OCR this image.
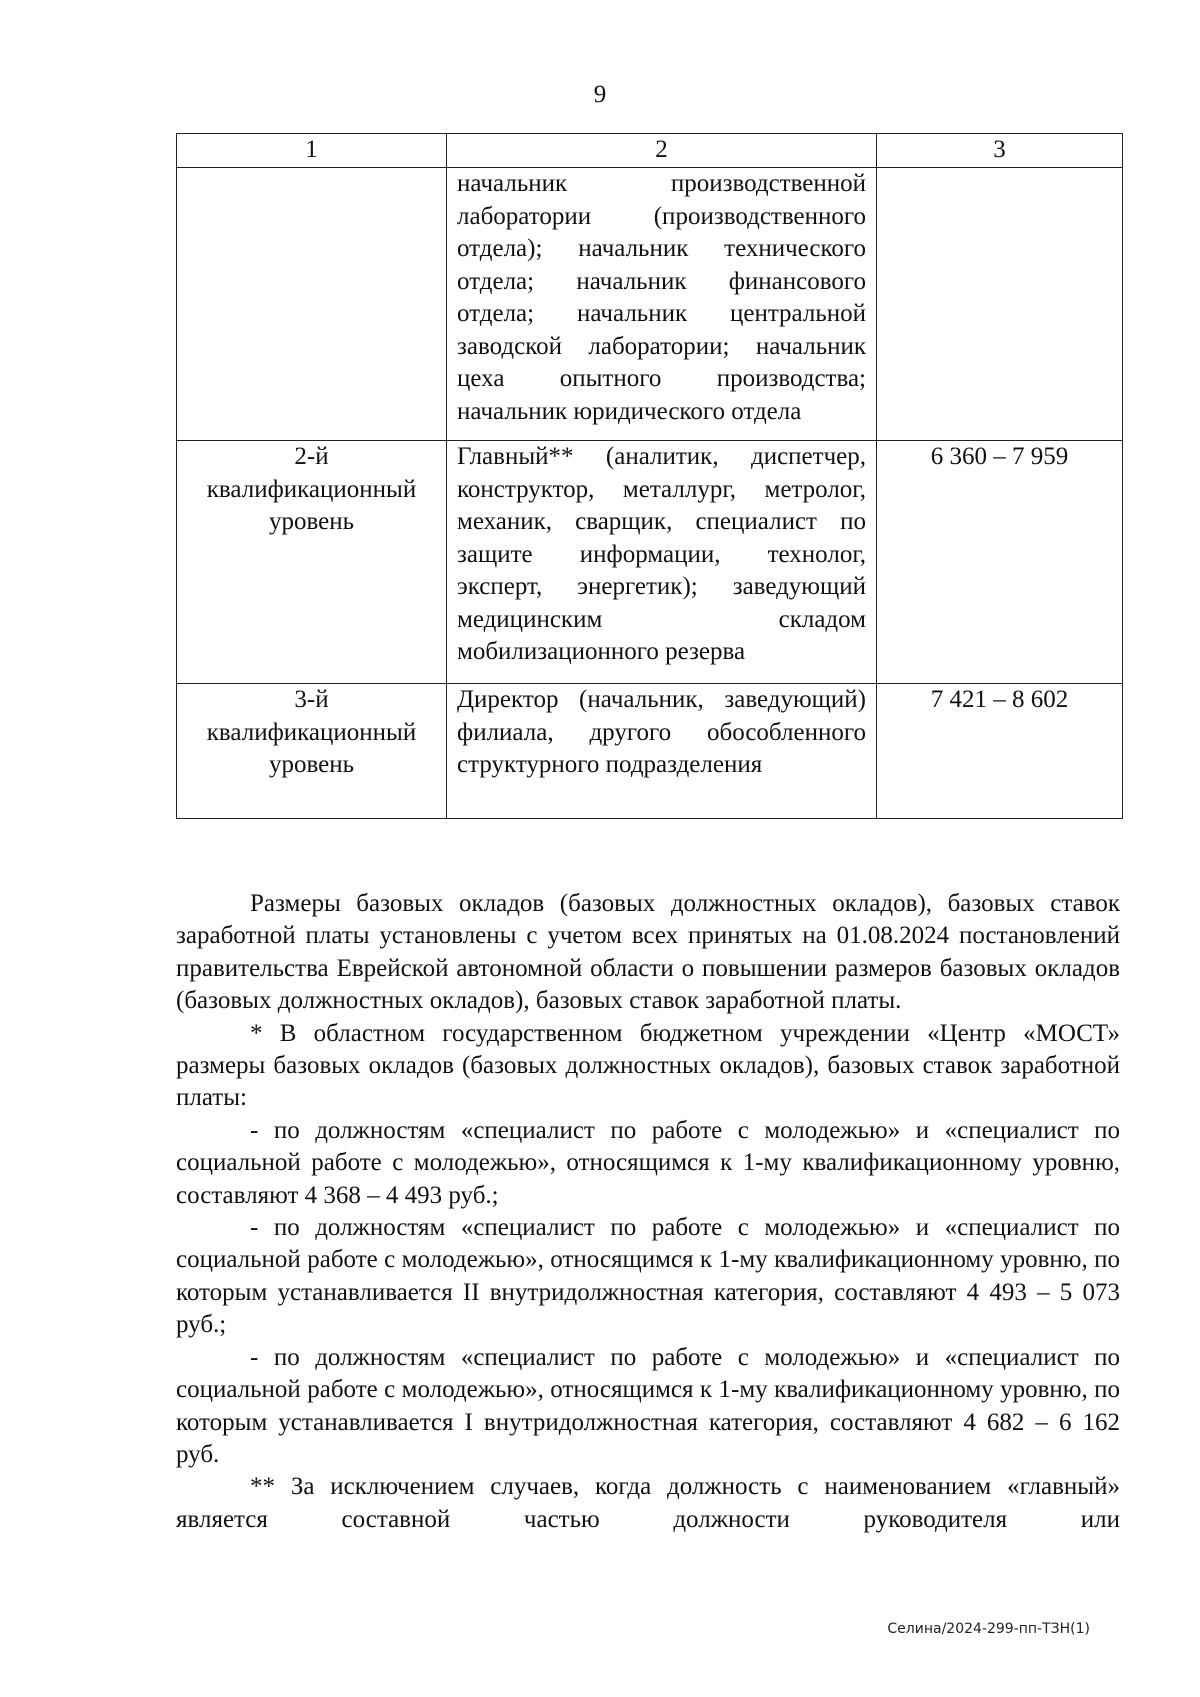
9
1	2	3
	начальник производственной лаборатории (производственного отдела); начальник технического отдела; начальник финансового отдела; начальник центральной заводской лаборатории; начальник цеха опытного производства; начальник юридического отдела	
2-й квалификационный уровень	Главный** (аналитик, диспетчер, конструктор, металлург, метролог, механик, сварщик, специалист по защите информации, технолог, эксперт, энергетик); заведующий медицинским складом мобилизационного резерва	6 360 – 7 959
3-й квалификационный уровень	Директор (начальник, заведующий) филиала, другого обособленного структурного подразделения	7 421 – 8 602

Размеры базовых окладов (базовых должностных окладов), базовых ставок заработной платы установлены с учетом всех принятых на 01.08.2024 постановлений правительства Еврейской автономной области о повышении размеров базовых окладов (базовых должностных окладов), базовых ставок заработной платы.

* В областном государственном бюджетном учреждении «Центр «МОСТ» размеры базовых окладов (базовых должностных окладов), базовых ставок заработной платы:

- по должностям «специалист по работе с молодежью» и «специалист по социальной работе с молодежью», относящимся к 1-му квалификационному уровню, составляют 4 368 – 4 493 руб.;

- по должностям «специалист по работе с молодежью» и «специалист по социальной работе с молодежью», относящимся к 1-му квалификационному уровню, по которым устанавливается II внутридолжностная категория, составляют 4 493 – 5 073 руб.;

- по должностям «специалист по работе с молодежью» и «специалист по социальной работе с молодежью», относящимся к 1-му квалификационному уровню, по которым устанавливается I внутридолжностная категория, составляют 4 682 – 6 162 руб.

** За исключением случаев, когда должность с наименованием «главный» является составной частью должности руководителя или

Селина/2024-299-пп-ТЗН(1)
